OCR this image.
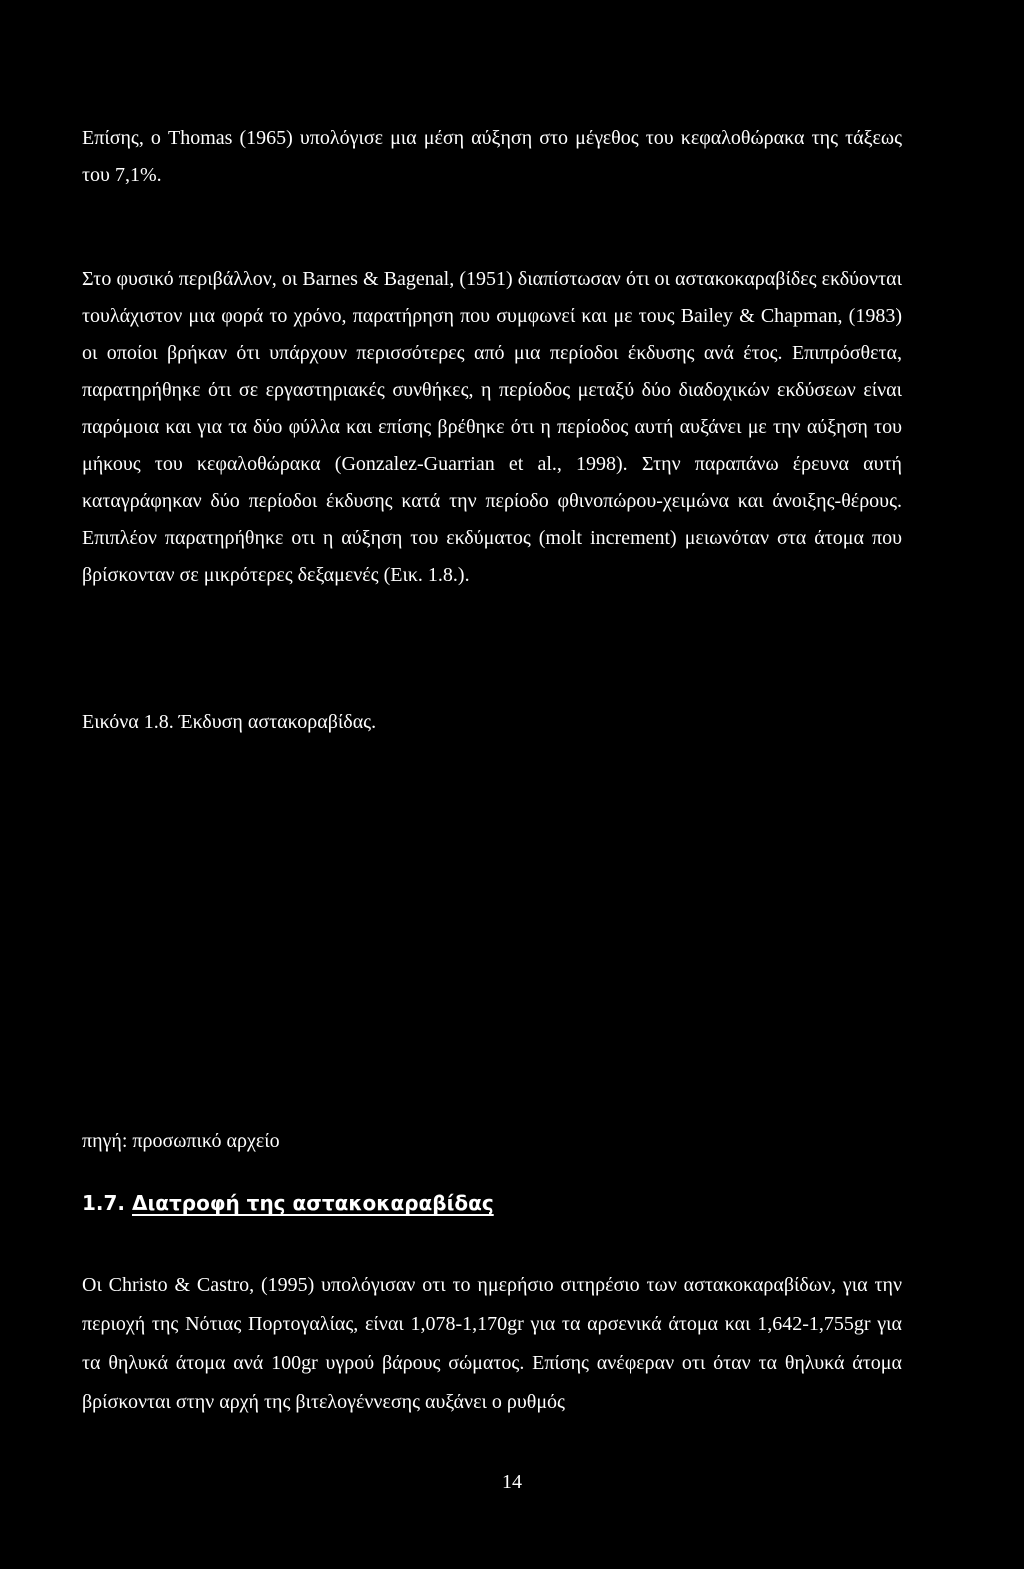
Επίσης, ο Thomas (1965) υπολόγισε μια μέση αύξηση στο μέγεθος του κεφαλοθώρακα της τάξεως του 7,1%.

Στο φυσικό περιβάλλον, οι Barnes & Bagenal, (1951) διαπίστωσαν ότι οι αστακοκαραβίδες εκδύονται τουλάχιστον μια φορά το χρόνο, παρατήρηση που συμφωνεί και με τους Bailey & Chapman, (1983) οι οποίοι βρήκαν ότι υπάρχουν περισσότερες από μια περίοδοι έκδυσης ανά έτος. Επιπρόσθετα, παρατηρήθηκε ότι σε εργαστηριακές συνθήκες, η περίοδος μεταξύ δύο διαδοχικών εκδύσεων είναι παρόμοια και για τα δύο φύλλα και επίσης βρέθηκε ότι η περίοδος αυτή αυξάνει με την αύξηση του μήκους του κεφαλοθώρακα (Gonzalez-Guarrian et al., 1998). Στην παραπάνω έρευνα αυτή καταγράφηκαν δύο περίοδοι έκδυσης κατά την περίοδο φθινοπώρου-χειμώνα και άνοιξης-θέρους. Επιπλέον παρατηρήθηκε οτι η αύξηση του εκδύματος (molt increment) μειωνόταν στα άτομα που βρίσκονταν σε μικρότερες δεξαμενές (Εικ. 1.8.).

Εικόνα 1.8. Έκδυση αστακοραβίδας.

πηγή: προσωπικό αρχείο

1.7. Διατροφή της αστακοκαραβίδας

Οι Christo & Castro, (1995) υπολόγισαν οτι το ημερήσιο σιτηρέσιο των αστακοκαραβίδων, για την περιοχή της Νότιας Πορτογαλίας, είναι 1,078-1,170gr για τα αρσενικά άτομα και 1,642-1,755gr για τα θηλυκά άτομα ανά 100gr υγρού βάρους σώματος. Επίσης ανέφεραν οτι όταν τα θηλυκά άτομα βρίσκονται στην αρχή της βιτελογέννεσης αυξάνει ο ρυθμός

14
